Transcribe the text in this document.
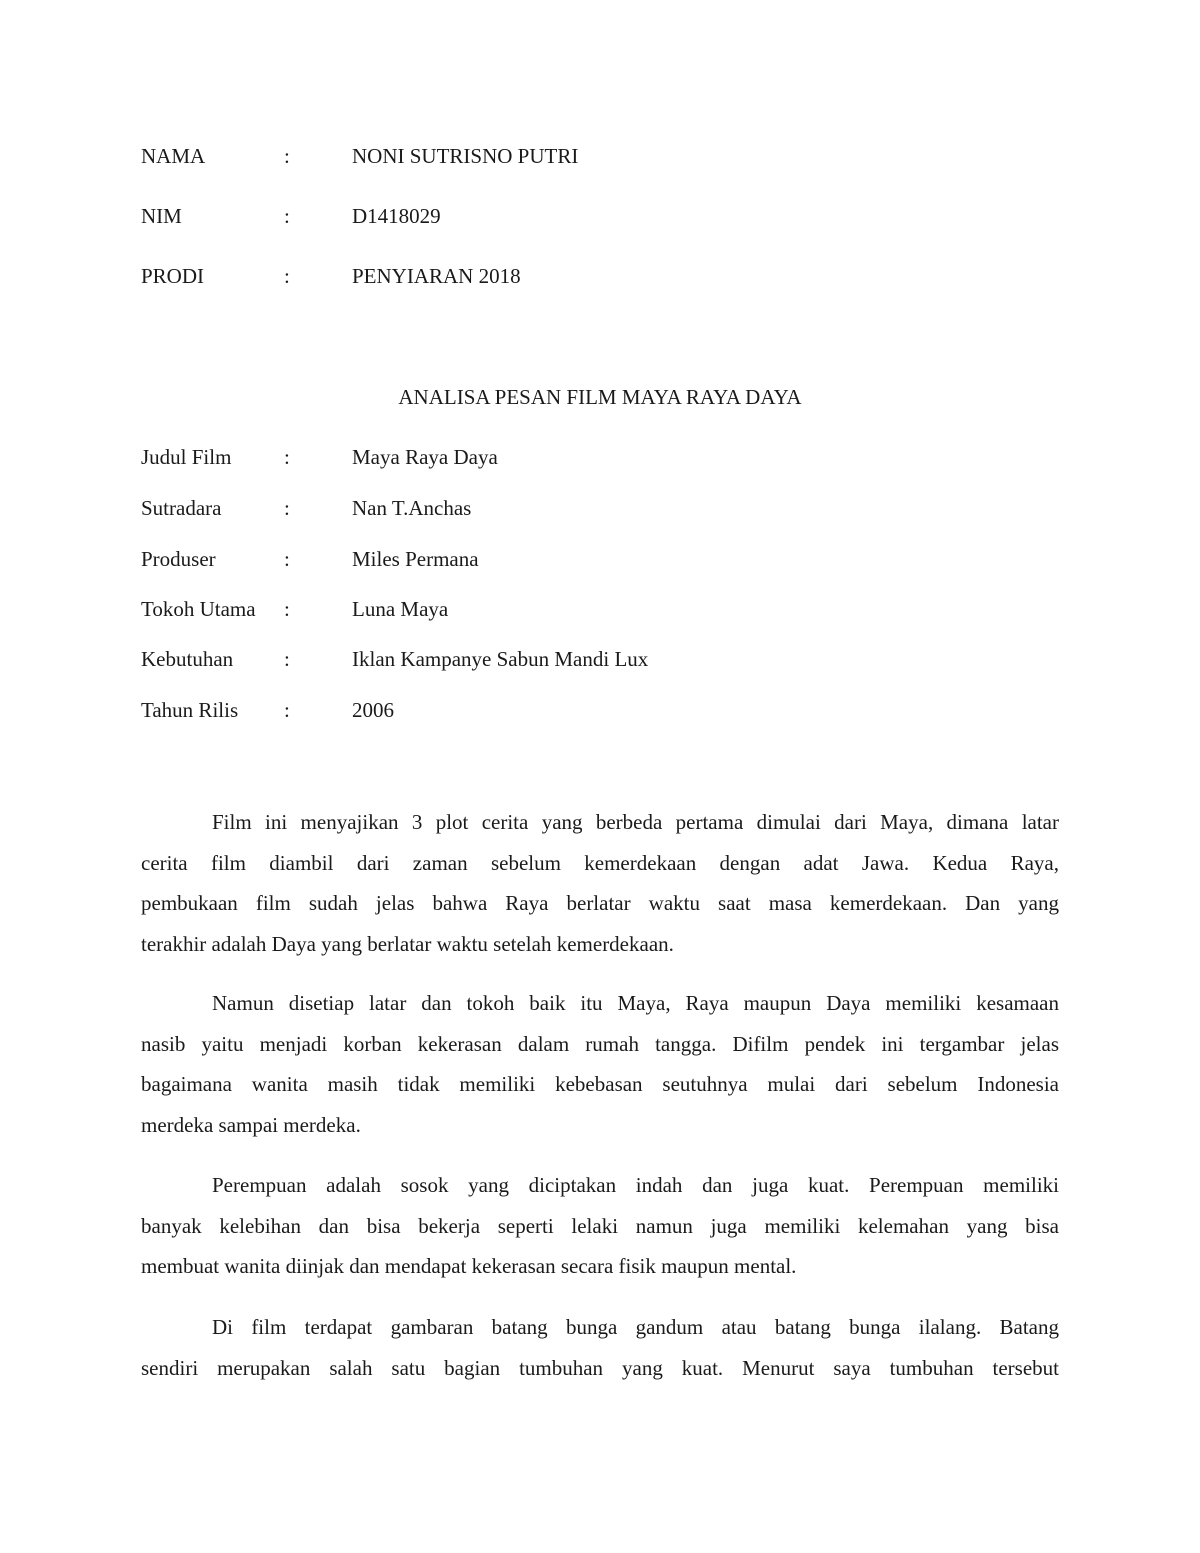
NAMA	:	NONI SUTRISNO PUTRI
NIM	:	D1418029
PRODI	:	PENYIARAN 2018
ANALISA PESAN FILM MAYA RAYA DAYA
Judul Film	:	Maya Raya Daya
Sutradara	:	Nan T.Anchas
Produser	:	Miles Permana
Tokoh Utama :	Luna Maya
Kebutuhan :	Iklan Kampanye Sabun Mandi Lux
Tahun Rilis :	2006
Film ini menyajikan 3 plot cerita yang berbeda pertama dimulai dari Maya, dimana latar
cerita film diambil dari zaman sebelum kemerdekaan dengan adat Jawa. Kedua Raya,
pembukaan film sudah jelas bahwa Raya berlatar waktu saat masa kemerdekaan. Dan yang
terakhir adalah Daya yang berlatar waktu setelah kemerdekaan.
Namun disetiap latar dan tokoh baik itu Maya, Raya maupun Daya memiliki kesamaan
nasib yaitu menjadi korban kekerasan dalam rumah tangga. Difilm pendek ini tergambar jelas
bagaimana wanita masih tidak memiliki kebebasan seutuhnya mulai dari sebelum Indonesia
merdeka sampai merdeka.
Perempuan adalah sosok yang diciptakan indah dan juga kuat. Perempuan memiliki
banyak kelebihan dan bisa bekerja seperti lelaki namun juga memiliki kelemahan yang bisa
membuat wanita diinjak dan mendapat kekerasan secara fisik maupun mental.
Di film terdapat gambaran batang bunga gandum atau batang bunga ilalang. Batang
sendiri merupakan salah satu bagian tumbuhan yang kuat. Menurut saya tumbuhan tersebut
